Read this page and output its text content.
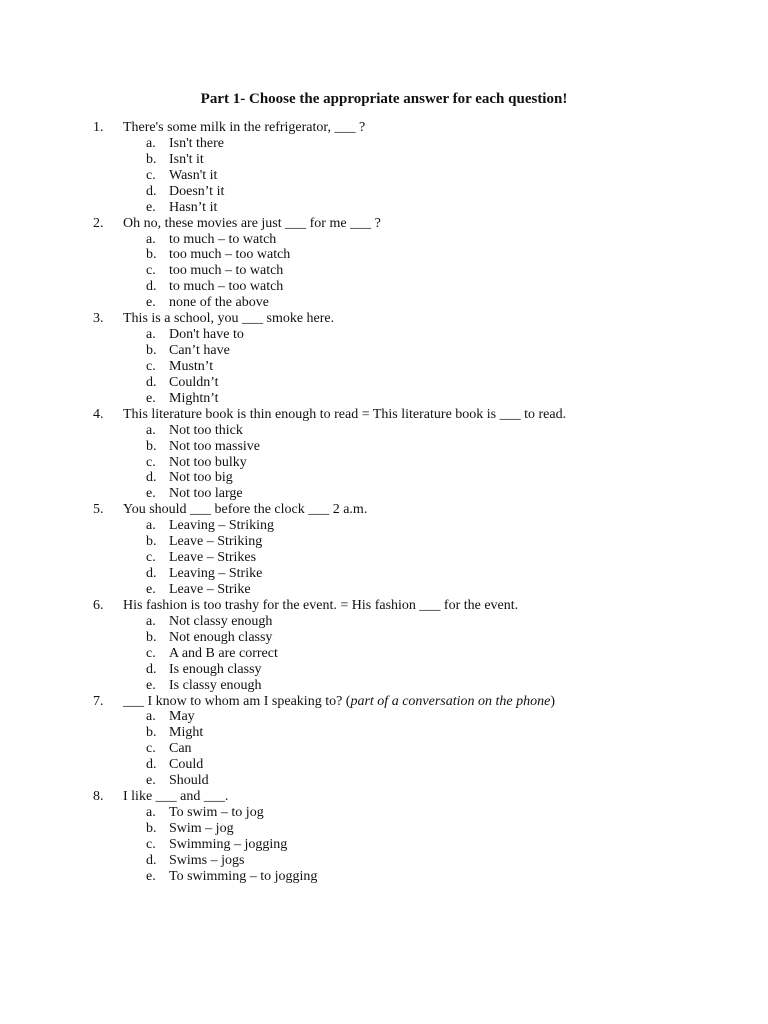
Part 1- Choose the appropriate answer for each question!
1. There's some milk in the refrigerator, ___ ?
a. Isn't there
b. Isn't it
c. Wasn't it
d. Doesn’t it
e. Hasn’t it
2. Oh no, these movies are just ___ for me ___ ?
a. to much – to watch
b. too much – too watch
c. too much – to watch
d. to much – too watch
e. none of the above
3. This is a school, you ___ smoke here.
a. Don't have to
b. Can’t have
c. Mustn’t
d. Couldn’t
e. Mightn’t
4. This literature book is thin enough to read = This literature book is ___ to read.
a. Not too thick
b. Not too massive
c. Not too bulky
d. Not too big
e. Not too large
5. You should ___ before the clock ___ 2 a.m.
a. Leaving – Striking
b. Leave – Striking
c. Leave – Strikes
d. Leaving – Strike
e. Leave – Strike
6. His fashion is too trashy for the event. = His fashion ___ for the event.
a. Not classy enough
b. Not enough classy
c. A and B are correct
d. Is enough classy
e. Is classy enough
7. ___ I know to whom am I speaking to? (part of a conversation on the phone)
a. May
b. Might
c. Can
d. Could
e. Should
8. I like ___ and ___.
a. To swim – to jog
b. Swim – jog
c. Swimming – jogging
d. Swims – jogs
e. To swimming – to jogging
